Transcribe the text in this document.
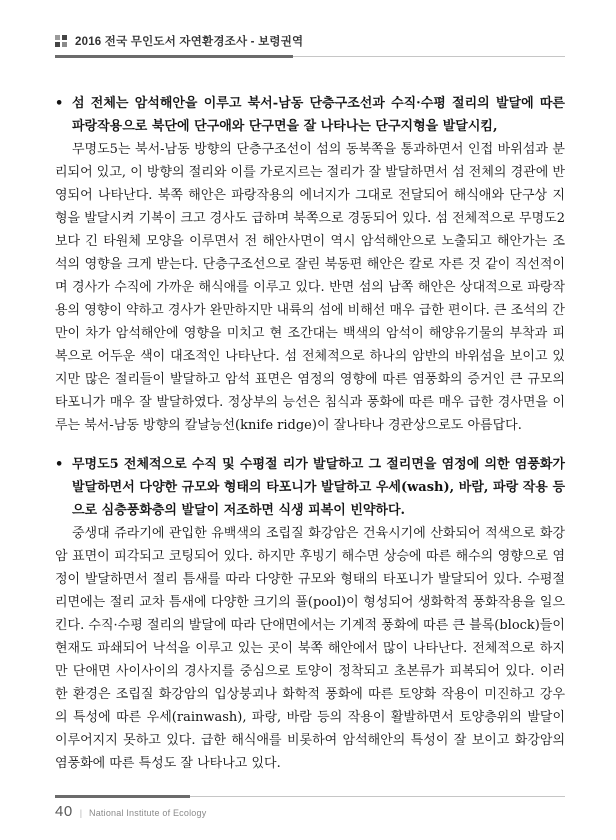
2016 전국 무인도서 자연환경조사 - 보령권역
• 섬 전체는 암석해안을 이루고 북서-남동 단층구조선과 수직·수평 절리의 발달에 따른 파랑작용으로 북단에 단구애와 단구면을 잘 나타나는 단구지형을 발달시킴,

무명도5는 북서-남동 방향의 단층구조선이 섬의 동북쪽을 통과하면서 인접 바위섬과 분리되어 있고, 이 방향의 절리와 이를 가로지르는 절리가 잘 발달하면서 섬 전체의 경관에 반영되어 나타난다. 북쪽 해안은 파랑작용의 에너지가 그대로 전달되어 해식애와 단구상 지형을 발달시켜 기복이 크고 경사도 급하며 북쪽으로 경동되어 있다. 섬 전체적으로 무명도2보다 긴 타원체 모양을 이루면서 전 해안사면이 역시 암석해안으로 노출되고 해안가는 조석의 영향을 크게 받는다. 단층구조선으로 잘린 북동편 해안은 칼로 자른 것 같이 직선적이며 경사가 수직에 가까운 해식애를 이루고 있다. 반면 섬의 남쪽 해안은 상대적으로 파랑작용의 영향이 약하고 경사가 완만하지만 내륙의 섬에 비해선 매우 급한 편이다. 큰 조석의 간만이 차가 암석해안에 영향을 미치고 현 조간대는 백색의 암석이 해양유기물의 부착과 피복으로 어두운 색이 대조적인 나타난다. 섬 전체적으로 하나의 암반의 바위섬을 보이고 있지만 많은 절리들이 발달하고 암석 표면은 염정의 영향에 따른 염풍화의 증거인 큰 규모의 타포니가 매우 잘 발달하였다. 정상부의 능선은 침식과 풍화에 따른 매우 급한 경사면을 이루는 북서-남동 방향의 칼날능선(knife ridge)이 잘나타나 경관상으로도 아름답다.

• 무명도5 전체적으로 수직 및 수평절 리가 발달하고 그 절리면을 염정에 의한 염풍화가 발달하면서 다양한 규모와 형태의 타포니가 발달하고 우세(wash), 바람, 파랑 작용 등으로 심층풍화층의 발달이 저조하면 식생 피복이 빈약하다.

중생대 쥬라기에 관입한 유백색의 조립질 화강암은 건육시기에 산화되어 적색으로 화강암 표면이 피각되고 코팅되어 있다. 하지만 후빙기 해수면 상승에 따른 해수의 영향으로 염정이 발달하면서 절리 틈새를 따라 다양한 규모와 형태의 타포니가 발달되어 있다. 수평절리면에는 절리 교차 틈새에 다양한 크기의 풀(pool)이 형성되어 생화학적 풍화작용을 일으킨다. 수직·수평 절리의 발달에 따라 단애면에서는 기계적 풍화에 따른 큰 블록(block)들이 현재도 파쇄되어 낙석을 이루고 있는 곳이 북쪽 해안에서 많이 나타난다. 전체적으로 하지만 단애면 사이사이의 경사지를 중심으로 토양이 정착되고 초본류가 피복되어 있다. 이러한 환경은 조립질 화강암의 입상붕괴나 화학적 풍화에 따른 토양화 작용이 미진하고 강우의 특성에 따른 우세(rainwash), 파랑, 바람 등의 작용이 활발하면서 토양층위의 발달이 이루어지지 못하고 있다. 급한 해식애를 비롯하여 암석해안의 특성이 잘 보이고 화강암의 염풍화에 따른 특성도 잘 나타나고 있다.

40 | National Institute of Ecology
